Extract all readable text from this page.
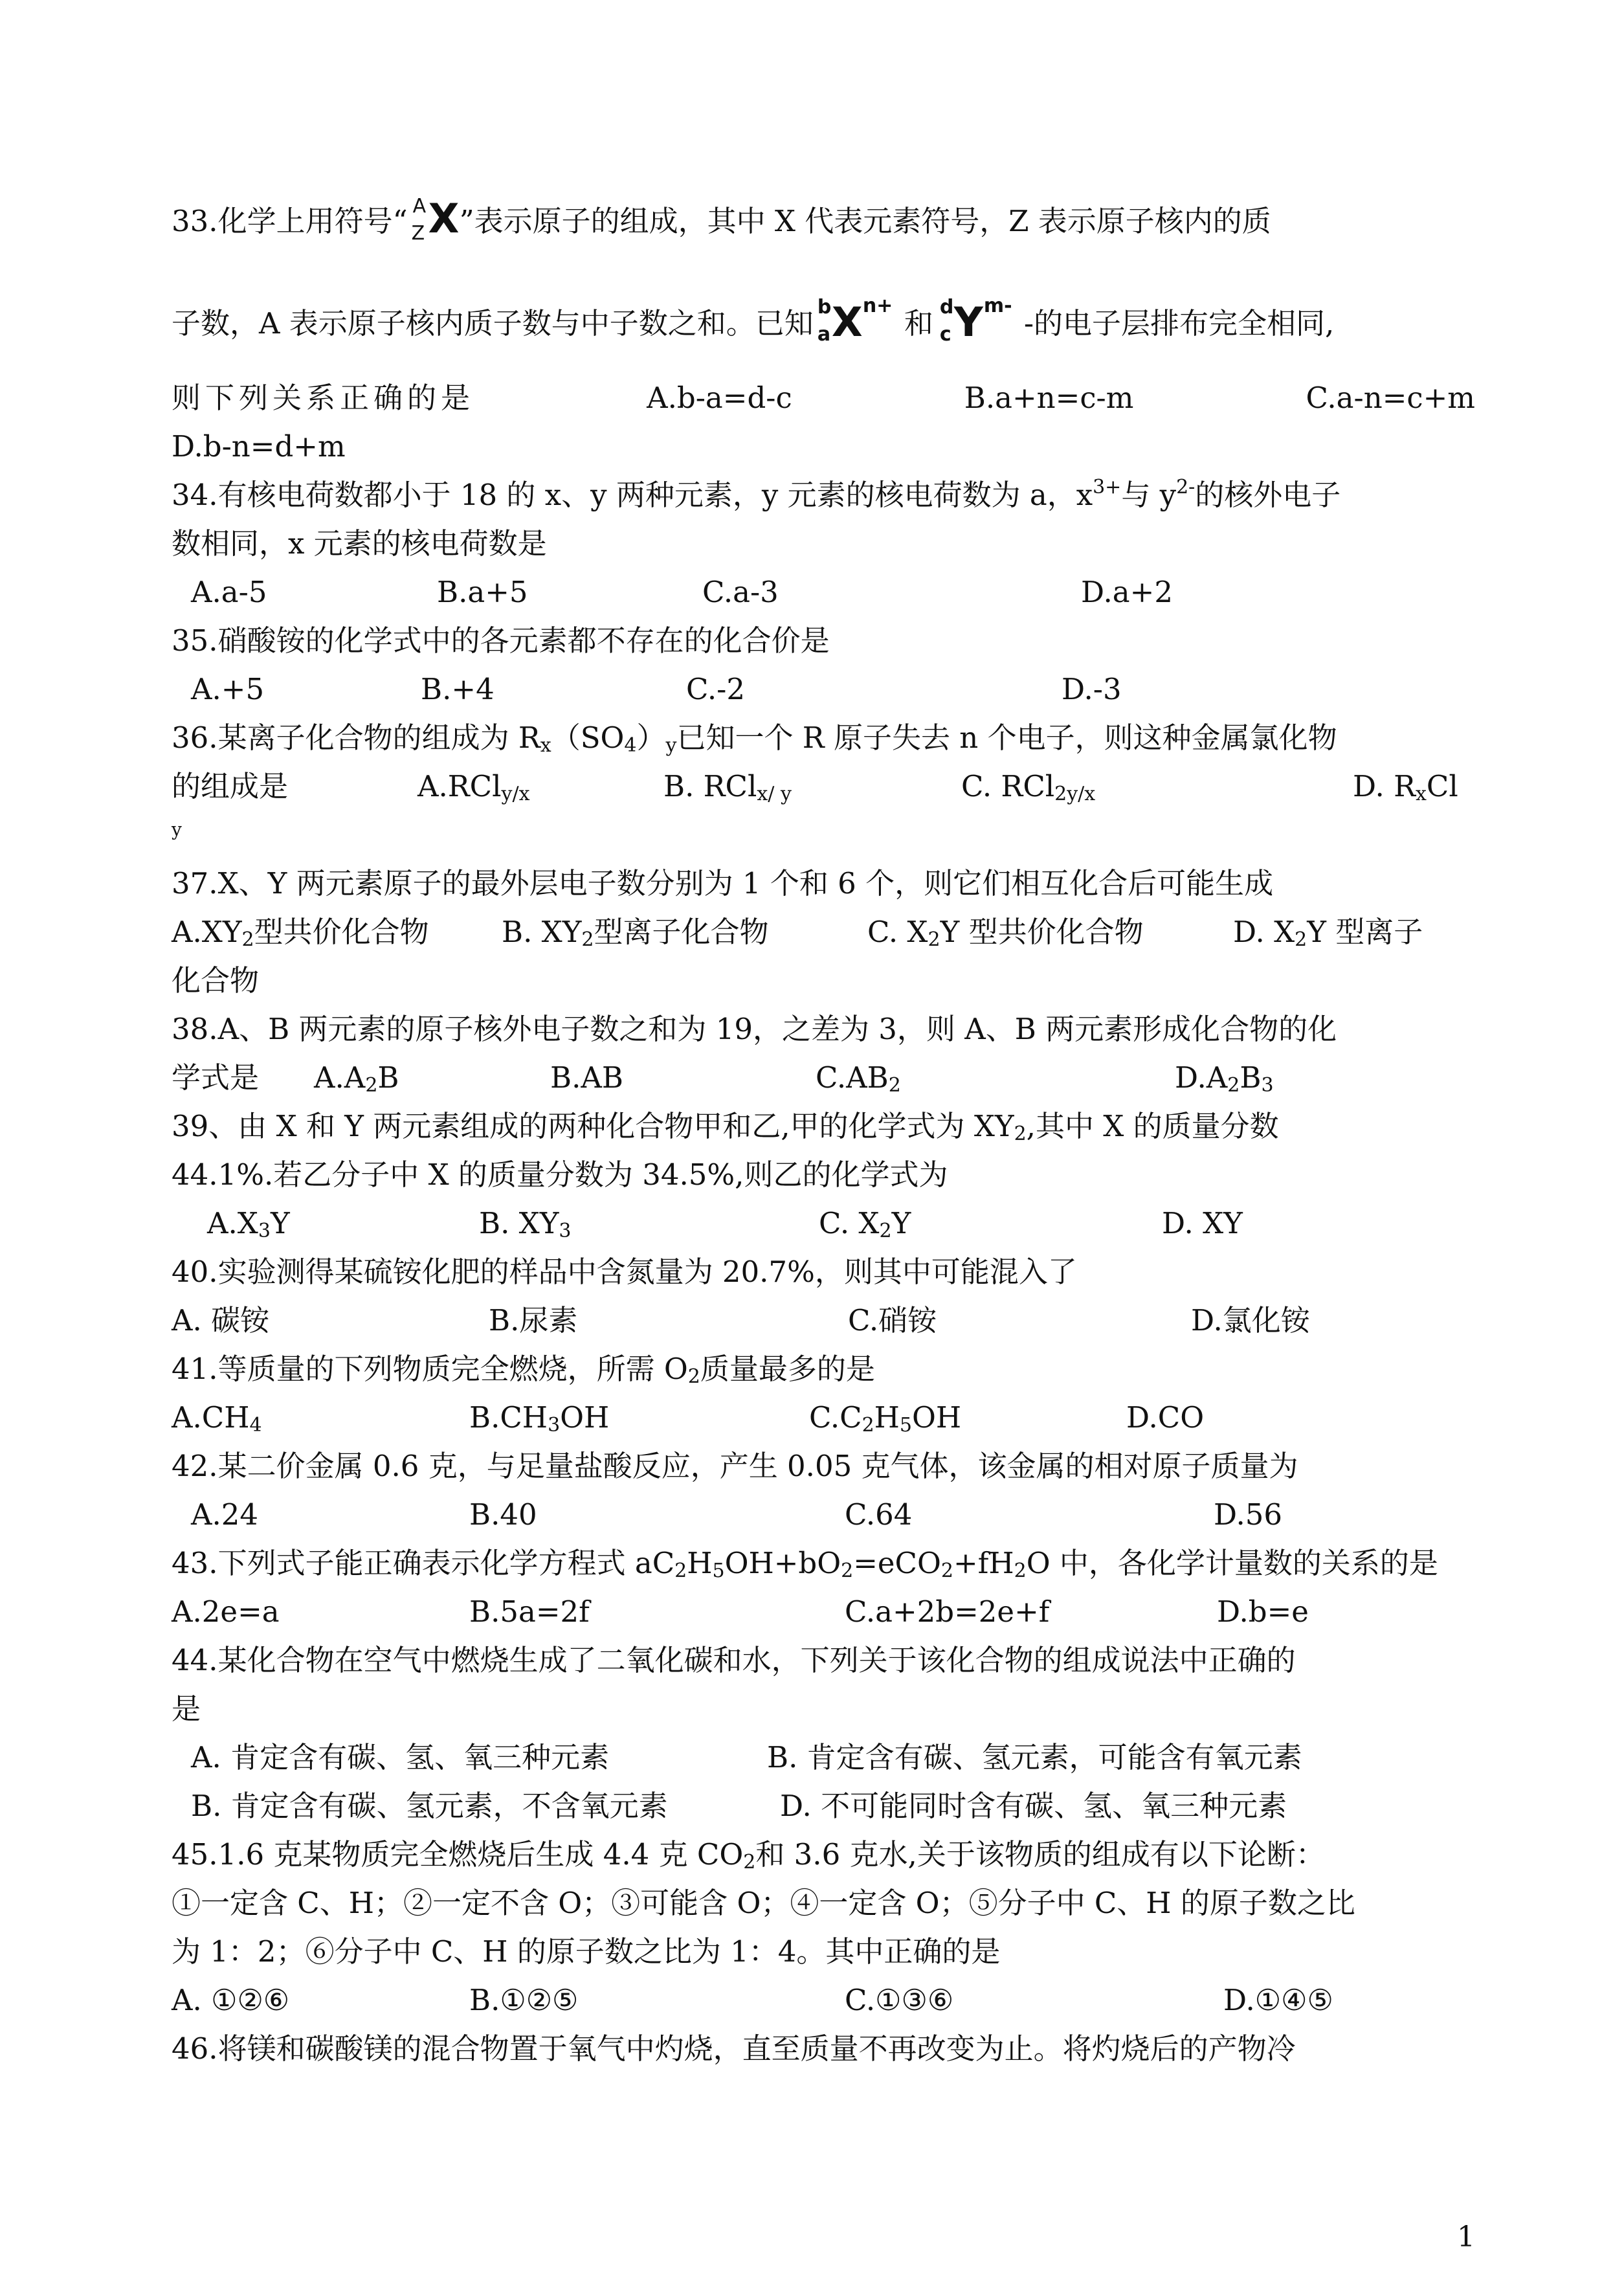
33.化学上用符号“ A
Z X ”表示原子的组成，其中 X 代表元素符号，Z 表示原子核内的质
子数，A 表示原子核内质子数与中子数之和。已知 b
a X n+
和 d
c Y m-
-的电子层排布完全相同,
则下列关系正确的是	A.b-a=d-c	B.a+n=c-m	C.a-n=c+m
D.b-n=d+m
34.有核电荷数都小于 18 的 x、y 两种元素，y 元素的核电荷数为 a，$x^{3+}$与 $y^{2-}$的核外电子
数相同，x 元素的核电荷数是
A.a-5	B.a+5	C.a-3	D.a+2
35.硝酸铵的化学式中的各元素都不存在的化合价是
A.+5	B.+4	C.-2	D.-3
36.某离子化合物的组成为 $R_x(SO_4)_y$已知一个 R 原子失去 n 个电子，则这种金属氯化物
的组成是	A.RCl$_{y/x}$	B. RCl$_{x/ y}$	C. RCl$_{2y/x}$	D. $R_xCl$
y
37.X、Y 两元素原子的最外层电子数分别为 1 个和 6 个，则它们相互化合后可能生成
$A.XY_2$型共价化合物	B. $XY_2$型离子化合物	C. $X_2Y$ 型共价化合物	D. $X_2Y$ 型离子
化合物
38.A、B 两元素的原子核外电子数之和为 19，之差为 3，则 A、B 两元素形成化合物的化
学式是	$A.A_2B$	B.AB	$C.AB_2$	$D.A_2B_3$
39、由 X 和 Y 两元素组成的两种化合物甲和乙,甲的化学式为 $XY_2$,其中 X 的质量分数
44.1%.若乙分子中 X 的质量分数为 34.5%,则乙的化学式为
$A.X_3Y$	B. $XY_3$	C. $X_2Y$	D. XY
40.实验测得某硫铵化肥的样品中含氮量为 20.7%，则其中可能混入了
A. 碳铵	B.尿素	C.硝铵	D.氯化铵
41.等质量的下列物质完全燃烧，所需 $O_2$质量最多的是
$A.CH_4$	$B.CH_3OH$	$C.C_2H_5OH$	D.CO
42.某二价金属 0.6 克，与足量盐酸反应，产生 0.05 克气体，该金属的相对原子质量为
A.24	B.40	C.64	D.56
43.下列式子能正确表示化学方程式 $aC_2H_5OH+bO_2=eCO_2+fH_2O$ 中，各化学计量数的关系的是
A.2e=a	B.5a=2f	C.a+2b=2e+f	D.b=e
44.某化合物在空气中燃烧生成了二氧化碳和水，下列关于该化合物的组成说法中正确的
是
A. 肯定含有碳、氢、氧三种元素	B. 肯定含有碳、氢元素，可能含有氧元素
B. 肯定含有碳、氢元素，不含氧元素	D. 不可能同时含有碳、氢、氧三种元素
45.1.6 克某物质完全燃烧后生成 4.4 克 $CO_2$和 3.6 克水,关于该物质的组成有以下论断：
①一定含 C、H；②一定不含 O；③可能含 O；④一定含 O；⑤分子中 C、H 的原子数之比
为 1：2；⑥分子中 C、H 的原子数之比为 1：4。其中正确的是
A. ①②⑥	B.①②⑤	C.①③⑥	D.①④⑤
46.将镁和碳酸镁的混合物置于氧气中灼烧，直至质量不再改变为止。将灼烧后的产物冷
1
